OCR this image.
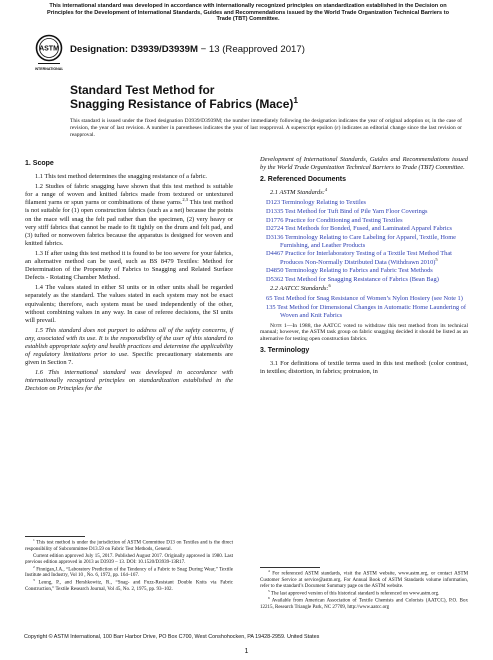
This international standard was developed in accordance with internationally recognized principles on standardization established in the Decision on Principles for the Development of International Standards, Guides and Recommendations issued by the World Trade Organization Technical Barriers to Trade (TBT) Committee.
ASTM
INTERNATIONAL
Designation: D3939/D3939M − 13 (Reapproved 2017)
Standard Test Method for
Snagging Resistance of Fabrics (Mace)$^1$
This standard is issued under the fixed designation D3939/D3939M; the number immediately following the designation indicates the year of original adoption or, in the case of revision, the year of last revision. A number in parentheses indicates the year of last reapproval. A superscript epsilon (ε) indicates an editorial change since the last revision or reapproval.
1. Scope

1.1 This test method determines the snagging resistance of a fabric.

1.2 Studies of fabric snagging have shown that this test method is suitable for a range of woven and knitted fabrics made from textured or untextured filament yarns or spun yarns or combinations of these yarns.$^{2,3}$ This test method is not suitable for (1) open construction fabrics (such as a net) because the points on the mace will snag the felt pad rather than the specimen, (2) very heavy or very stiff fabrics that cannot be made to fit tightly on the drum and felt pad, and (3) tufted or nonwoven fabrics because the apparatus is designed for woven and knitted fabrics.

1.3 If after using this test method it is found to be too severe for your fabrics, an alternative method can be used, such as BS 8479 Textiles: Method for Determination of the Propensity of Fabrics to Snagging and Related Surface Defects - Rotating Chamber Method.

1.4 The values stated in either SI units or in other units shall be regarded separately as the standard. The values stated in each system may not be exact equivalents; therefore, each system must be used independently of the other, without combining values in any way. In case of referee decisions, the SI units will prevail.

1.5 This standard does not purport to address all of the safety concerns, if any, associated with its use. It is the responsibility of the user of this standard to establish appropriate safety and health practices and determine the applicability of regulatory limitations prior to use. Specific precautionary statements are given in Section 7.

1.6 This international standard was developed in accordance with internationally recognized principles on standardization established in the Decision on Principles for the

Development of International Standards, Guides and Recommendations issued by the World Trade Organization Technical Barriers to Trade (TBT) Committee.

2. Referenced Documents

2.1 ASTM Standards:$^4$

D123 Terminology Relating to Textiles
D1335 Test Method for Tuft Bind of Pile Yarn Floor Coverings
D1776 Practice for Conditioning and Testing Textiles
D2724 Test Methods for Bonded, Fused, and Laminated Apparel Fabrics
D3136 Terminology Relating to Care Labeling for Apparel, Textile, Home Furnishing, and Leather Products
D4467 Practice for Interlaboratory Testing of a Textile Test Method That Produces Non-Normally Distributed Data (Withdrawn 2010)$^5$
D4850 Terminology Relating to Fabrics and Fabric Test Methods
D5362 Test Method for Snagging Resistance of Fabrics (Bean Bag)

2.2 AATCC Standards:$^6$

65 Test Method for Snag Resistance of Women’s Nylon Hosiery (see Note 1)
135 Test Method for Dimensional Changes in Automatic Home Laundering of Woven and Knit Fabrics
Note 1—In 1988, the AATCC voted to withdraw this test method from its technical manual; however, the ASTM task group on fabric snagging decided it should be listed as an alternative for testing open construction fabrics.
3. Terminology

3.1 For definitions of textile terms used in this test method: (color contrast, in textiles; distortion, in fabrics; protrusion, in

$^1$ This test method is under the jurisdiction of ASTM Committee D13 on Textiles and is the direct responsibility of Subcommittee D13.59 on Fabric Test Methods, General.

Current edition approved July 15, 2017. Published August 2017. Originally approved in 1980. Last previous edition approved in 2013 as D3939 – 13. DOI: 10.1520/D3939-13R17.

$^2$ Finnigan,J.A., “Laboratory Prediction of the Tendency of a Fabric to Snag During Wear,” Textile Institute and Industry, Vol 10 , No. 6, 1972, pp. 164–167.

$^3$ Leung, P., and Hershkowitz, R., “Snag- and Fuzz-Resistant Double Knits via Fabric Construction,” Textile Research Journal, Vol 45, No. 2, 1975, pp. 93–102.

$^4$ For referenced ASTM standards, visit the ASTM website, www.astm.org, or contact ASTM Customer Service at service@astm.org. For Annual Book of ASTM Standards volume information, refer to the standard’s Document Summary page on the ASTM website.

$^5$ The last approved version of this historical standard is referenced on www.astm.org.

$^6$ Available from American Association of Textile Chemists and Colorists (AATCC), P.O. Box 12215, Research Triangle Park, NC 27709, http://www.aatcc.org

Copyright © ASTM International, 100 Barr Harbor Drive, PO Box C700, West Conshohocken, PA 19428-2959. United States
1
